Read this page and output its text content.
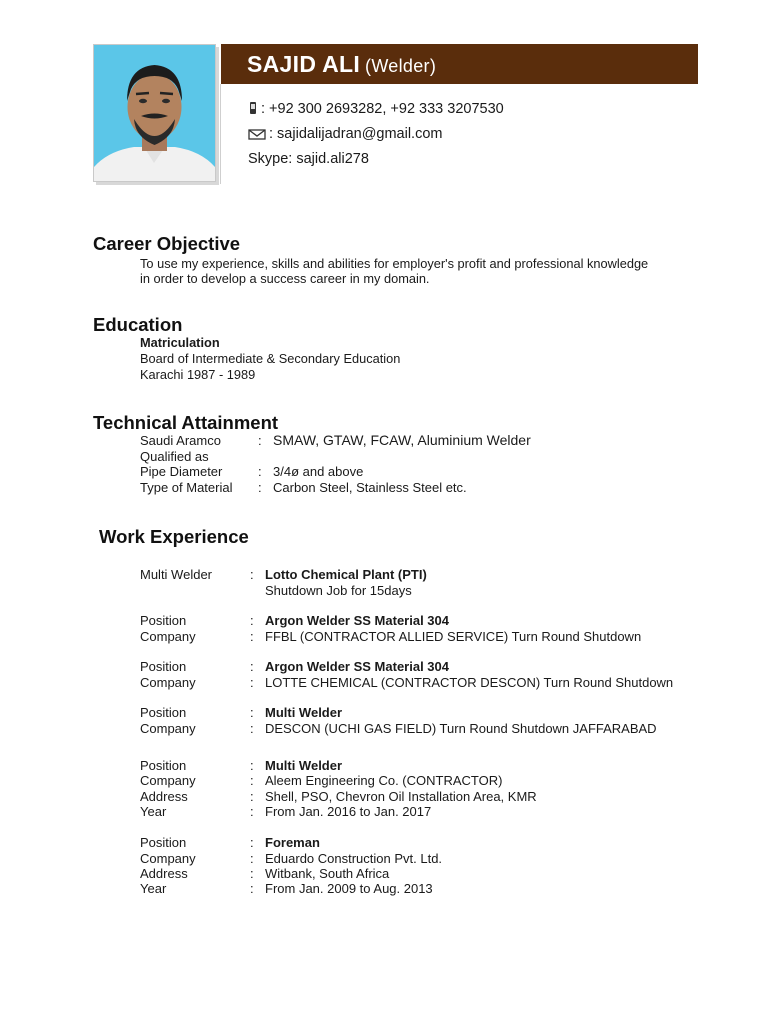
SAJID ALI (Welder)
: +92 300 2693282, +92 333 3207530
: sajidalijadran@gmail.com
Skype: sajid.ali278
Career Objective
To use my experience, skills and abilities for employer's profit and professional knowledge
in order to develop a success career in my domain.
Education
Matriculation
Board of Intermediate & Secondary Education
Karachi 1987 - 1989
Technical Attainment
Saudi Aramco	: SMAW, GTAW, FCAW, Aluminium Welder
Qualified as
Pipe Diameter	: 3/4ø and above
Type of Material : Carbon Steel, Stainless Steel etc.
Work Experience
Multi Welder	: Lotto Chemical Plant (PTI)
Shutdown Job for 15days
Position	: Argon Welder SS Material 304
Company	: FFBL (CONTRACTOR ALLIED SERVICE) Turn Round Shutdown
Position	: Argon Welder SS Material 304
Company	: LOTTE CHEMICAL (CONTRACTOR DESCON) Turn Round Shutdown
Position	: Multi Welder
Company	: DESCON (UCHI GAS FIELD) Turn Round Shutdown JAFFARABAD
Position	: Multi Welder
Company	: Aleem Engineering Co. (CONTRACTOR)
Address	: Shell, PSO, Chevron Oil Installation Area, KMR
Year	: From Jan. 2016 to Jan. 2017
Position	: Foreman
Company	: Eduardo Construction Pvt. Ltd.
Address	: Witbank, South Africa
Year	: From Jan. 2009 to Aug. 2013
